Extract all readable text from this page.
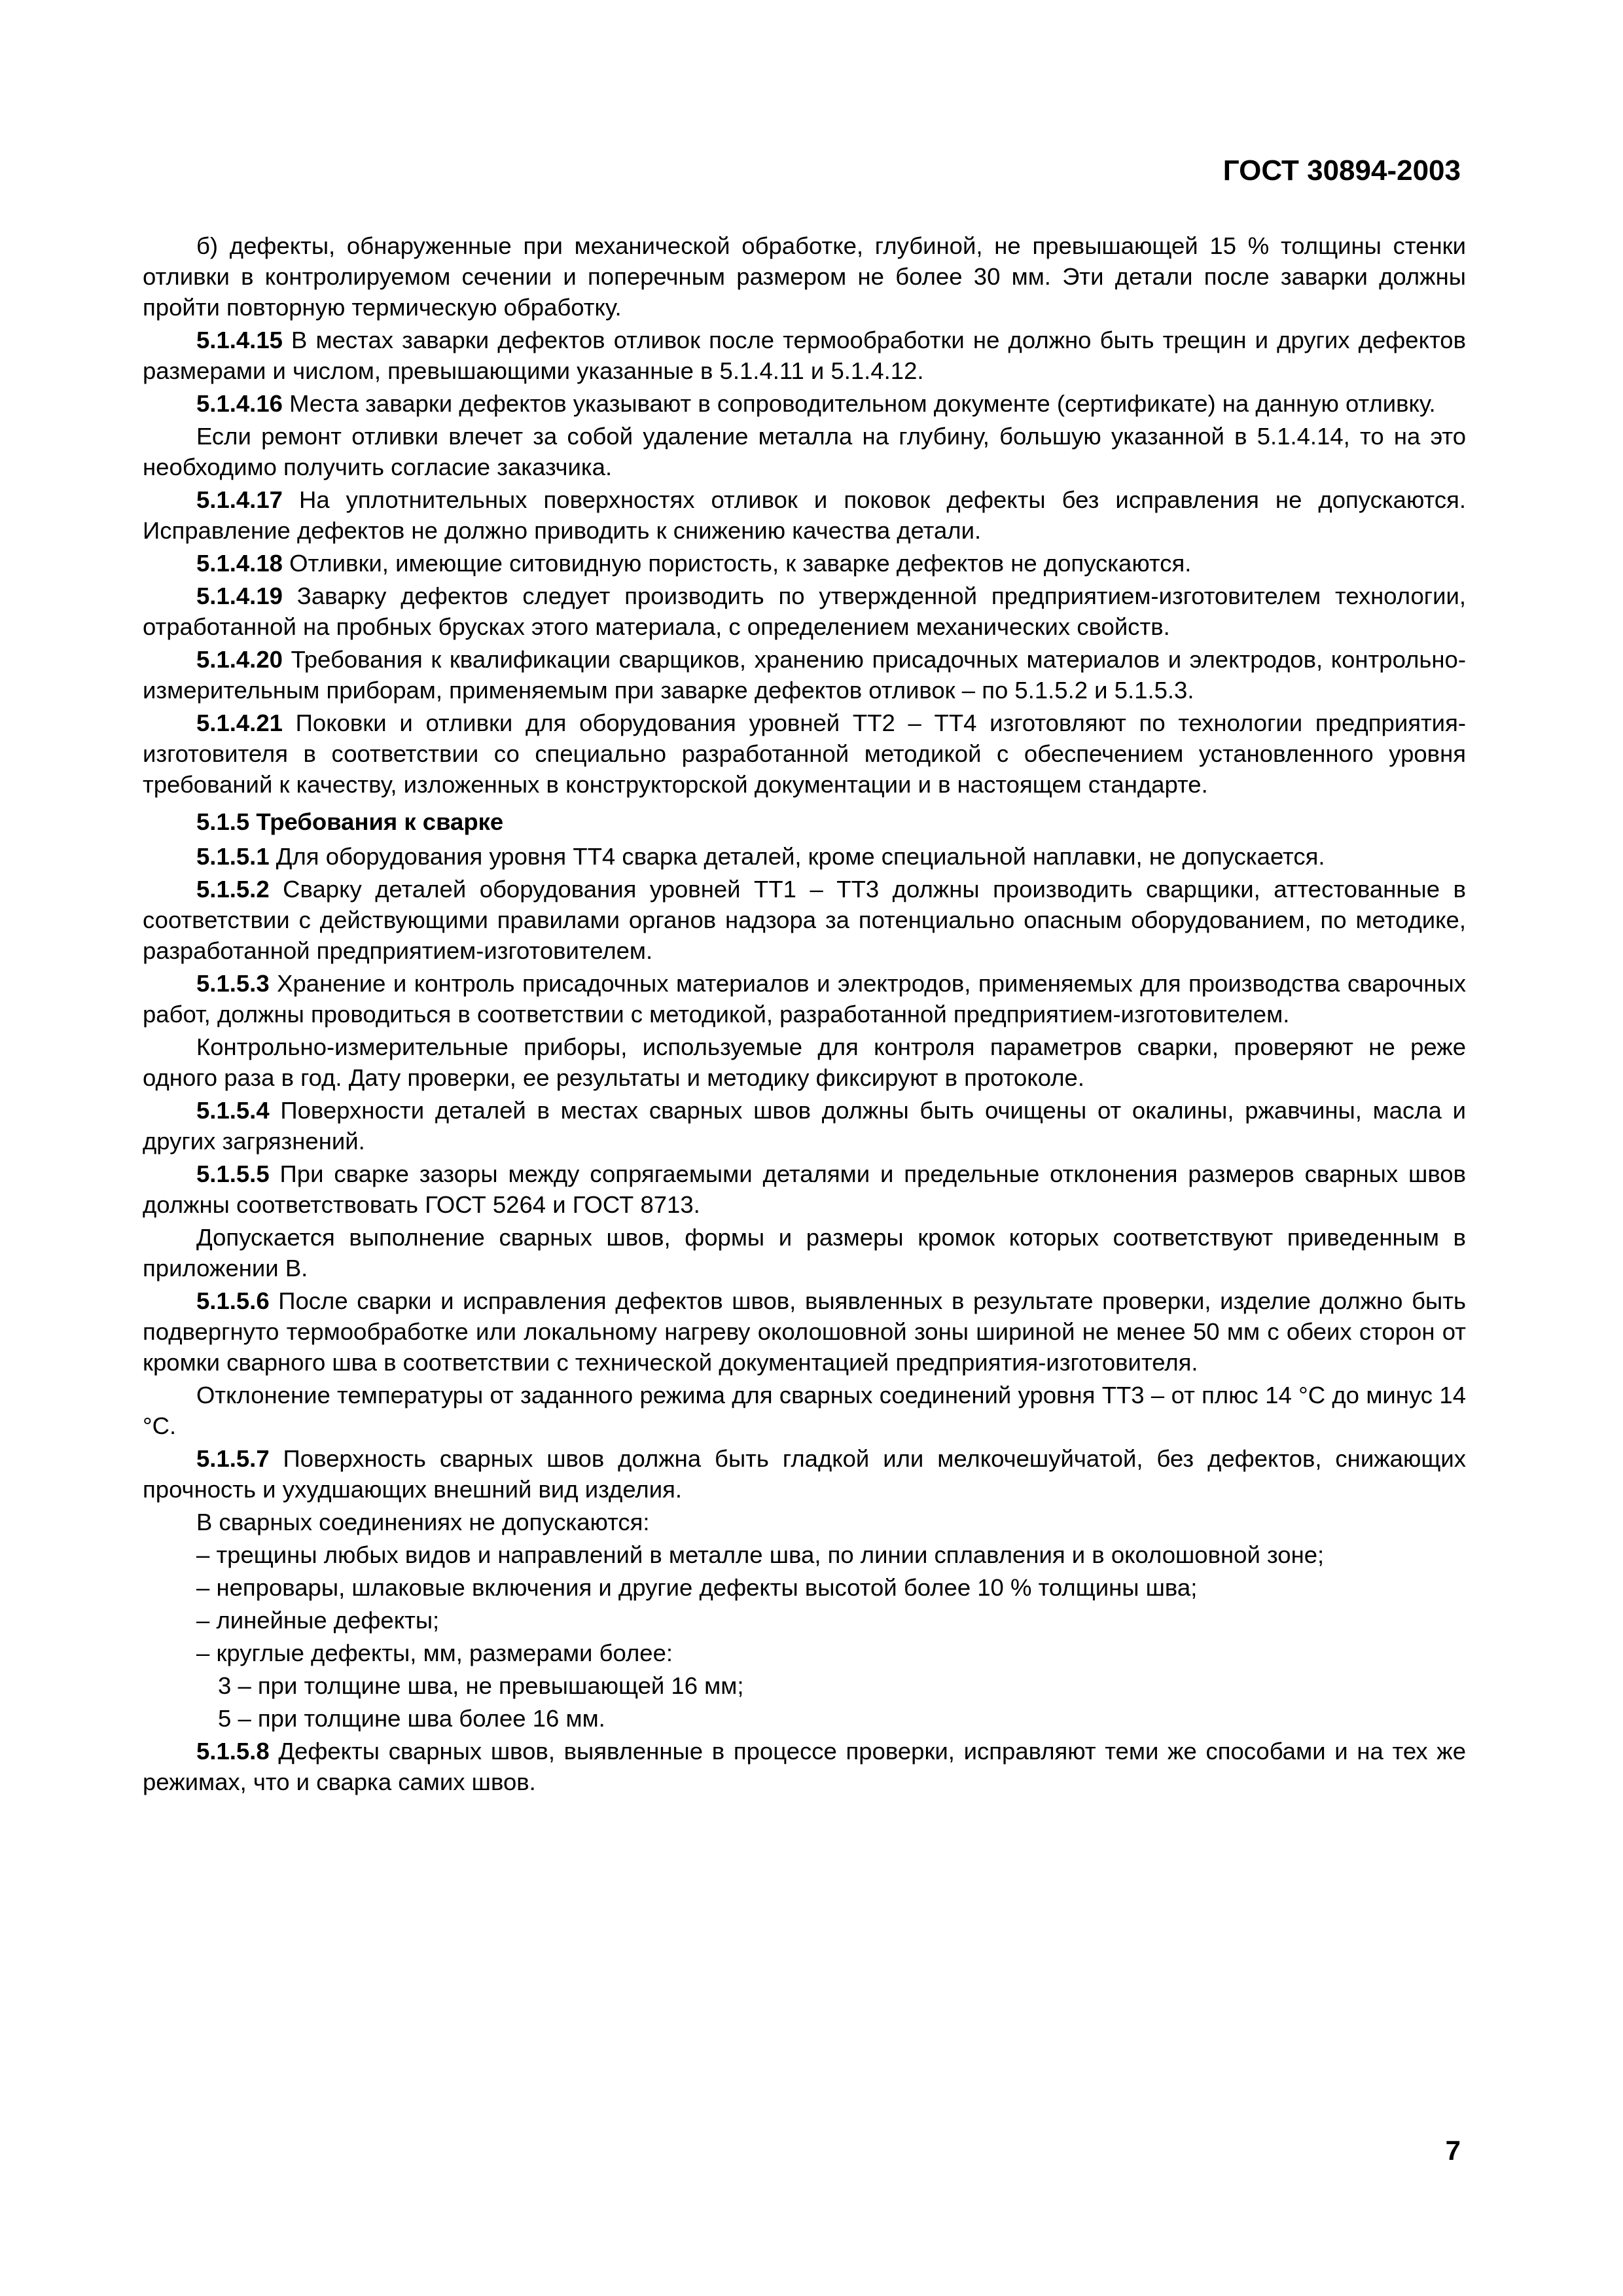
ГОСТ 30894-2003

б) дефекты, обнаруженные при механической обработке, глубиной, не превышающей 15 % толщины стенки отливки в контролируемом сечении и поперечным размером не более 30 мм. Эти детали после заварки должны пройти повторную термическую обработку.

5.1.4.15 В местах заварки дефектов отливок после термообработки не должно быть трещин и других дефектов размерами и числом, превышающими указанные в 5.1.4.11 и 5.1.4.12.

5.1.4.16 Места заварки дефектов указывают в сопроводительном документе (сертификате) на данную отливку.

Если ремонт отливки влечет за собой удаление металла на глубину, большую указанной в 5.1.4.14, то на это необходимо получить согласие заказчика.

5.1.4.17 На уплотнительных поверхностях отливок и поковок дефекты без исправления не допускаются. Исправление дефектов не должно приводить к снижению качества детали.

5.1.4.18 Отливки, имеющие ситовидную пористость, к заварке дефектов не допускаются.

5.1.4.19 Заварку дефектов следует производить по утвержденной предприятием-изготовителем технологии, отработанной на пробных брусках этого материала, с определением механических свойств.

5.1.4.20 Требования к квалификации сварщиков, хранению присадочных материалов и электродов, контрольно-измерительным приборам, применяемым при заварке дефектов отливок – по 5.1.5.2 и 5.1.5.3.

5.1.4.21 Поковки и отливки для оборудования уровней ТТ2 – ТТ4 изготовляют по технологии предприятия-изготовителя в соответствии со специально разработанной методикой с обеспечением установленного уровня требований к качеству, изложенных в конструкторской документации и в настоящем стандарте.

5.1.5 Требования к сварке

5.1.5.1 Для оборудования уровня ТТ4 сварка деталей, кроме специальной наплавки, не допускается.

5.1.5.2 Сварку деталей оборудования уровней ТТ1 – ТТ3 должны производить сварщики, аттестованные в соответствии с действующими правилами органов надзора за потенциально опасным оборудованием, по методике, разработанной предприятием-изготовителем.

5.1.5.3 Хранение и контроль присадочных материалов и электродов, применяемых для производства сварочных работ, должны проводиться в соответствии с методикой, разработанной предприятием-изготовителем.

Контрольно-измерительные приборы, используемые для контроля параметров сварки, проверяют не реже одного раза в год. Дату проверки, ее результаты и методику фиксируют в протоколе.

5.1.5.4 Поверхности деталей в местах сварных швов должны быть очищены от окалины, ржавчины, масла и других загрязнений.

5.1.5.5 При сварке зазоры между сопрягаемыми деталями и предельные отклонения размеров сварных швов должны соответствовать ГОСТ 5264 и ГОСТ 8713.

Допускается выполнение сварных швов, формы и размеры кромок которых соответствуют приведенным в приложении В.

5.1.5.6 После сварки и исправления дефектов швов, выявленных в результате проверки, изделие должно быть подвергнуто термообработке или локальному нагреву околошовной зоны шириной не менее 50 мм с обеих сторон от кромки сварного шва в соответствии с технической документацией предприятия-изготовителя.

Отклонение температуры от заданного режима для сварных соединений уровня ТТ3 – от плюс 14 °С до минус 14 °С.

5.1.5.7 Поверхность сварных швов должна быть гладкой или мелкочешуйчатой, без дефектов, снижающих прочность и ухудшающих внешний вид изделия.

В сварных соединениях не допускаются:

– трещины любых видов и направлений в металле шва, по линии сплавления и в околошовной зоне;

– непровары, шлаковые включения и другие дефекты высотой более 10 % толщины шва;

– линейные дефекты;

– круглые дефекты, мм, размерами более:

3 – при толщине шва, не превышающей 16 мм;

5 – при толщине шва более 16 мм.

5.1.5.8 Дефекты сварных швов, выявленные в процессе проверки, исправляют теми же способами и на тех же режимах, что и сварка самих швов.

7
